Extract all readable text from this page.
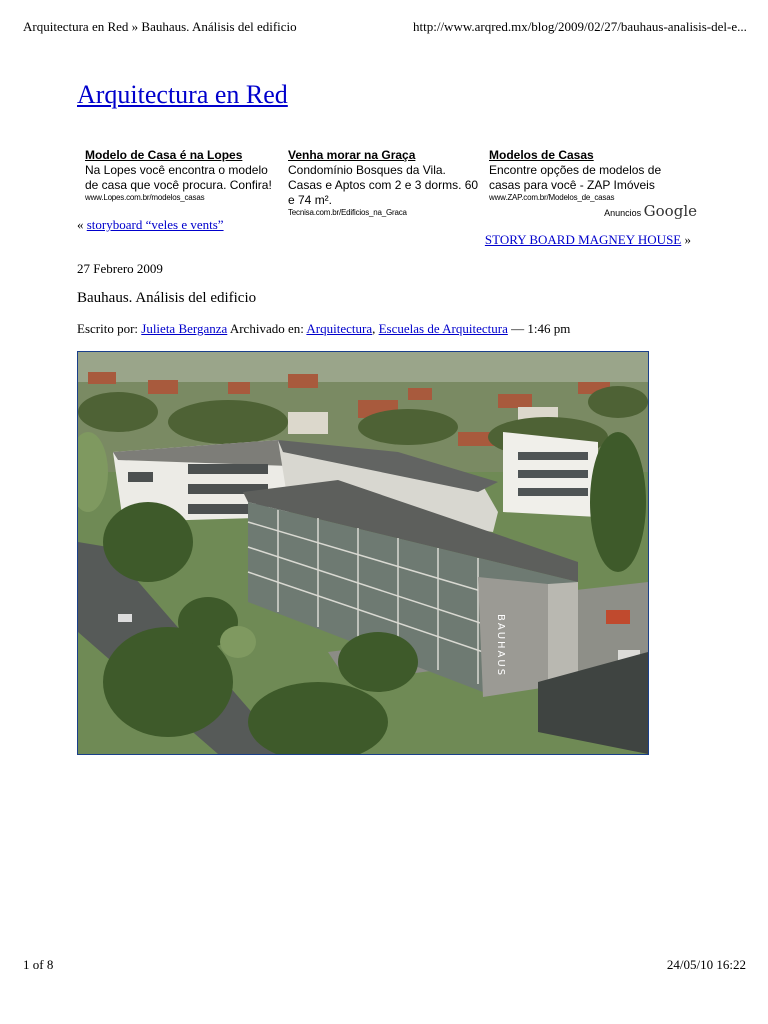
Arquitectura en Red » Bauhaus. Análisis del edificio	http://www.arqred.mx/blog/2009/02/27/bauhaus-analisis-del-e...
Arquitectura en Red
Modelo de Casa é na Lopes
Na Lopes você encontra o modelo de casa que você procura. Confira!
www.Lopes.com.br/modelos_casas
Venha morar na Graça
Condomínio Bosques da Vila. Casas e Aptos com 2 e 3 dorms. 60 e 74 m².
Tecnisa.com.br/Edificios_na_Graca
Modelos de Casas
Encontre opções de modelos de casas para você - ZAP Imóveis
www.ZAP.com.br/Modelos_de_casas
Anuncios Google
« storyboard “veles e vents”
STORY BOARD MAGNEY HOUSE »
27 Febrero 2009
Bauhaus. Análisis del edificio
Escrito por: Julieta Berganza Archivado en: Arquitectura, Escuelas de Arquitectura — 1:46 pm
BAUHAUS
1 of 8	24/05/10 16:22
